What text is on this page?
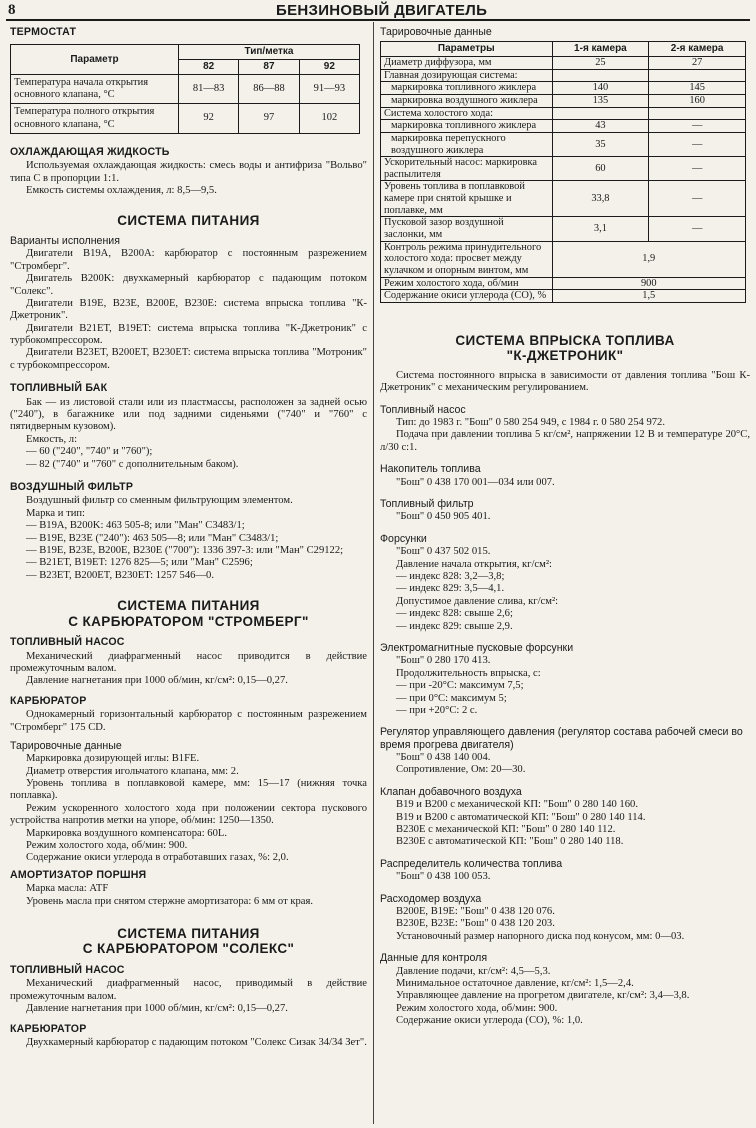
8	БЕНЗИНОВЫЙ ДВИГАТЕЛЬ
ТЕРМОСТАТ
Параметр	Тип/метка		
	82	87	92
Температура начала открытия основного клапана, °С	81—83	86—88	91—93
Температура полного открытия основного клапана, °С	92	97	102
ОХЛАЖДАЮЩАЯ ЖИДКОСТЬ
Используемая охлаждающая жидкость: смесь воды и антифриза "Вольво" типа С в пропорции 1:1.
Емкость системы охлаждения, л: 8,5—9,5.
СИСТЕМА ПИТАНИЯ
Варианты исполнения
Двигатели B19A, B200A: карбюратор с постоянным разрежением "Стромберг".
Двигатель B200K: двухкамерный карбюратор с падающим потоком "Солекс".
Двигатели B19E, B23E, B200E, B230E: система впрыска топлива "К-Джетроник".
Двигатели B21ET, B19ET: система впрыска топлива "К-Джетроник" с турбокомпрессором.
Двигатели B23ET, B200ET, B230ET: система впрыска топлива "Мотроник" с турбокомпрессором.
ТОПЛИВНЫЙ БАК
Бак — из листовой стали или из пластмассы, расположен за задней осью ("240"), в багажнике или под задними сиденьями ("740" и "760" с пятидверным кузовом).
Емкость, л:
— 60 ("240", "740" и "760");
— 82 ("740" и "760" с дополнительным баком).
ВОЗДУШНЫЙ ФИЛЬТР
Воздушный фильтр со сменным фильтрующим элементом.
Марка и тип:
— B19A, B200K: 463 505-8; или "Ман" С3483/1;
— B19E, B23E ("240"): 463 505—8; или "Ман" С3483/1;
— B19E, B23E, B200E, B230E ("700"): 1336 397-3: или "Ман" С29122;
— B21ET, B19ET: 1276 825—5; или "Ман" С2596;
— B23ET, B200ET, B230ET: 1257 546—0.
СИСТЕМА ПИТАНИЯ
С КАРБЮРАТОРОМ "СТРОМБЕРГ"
ТОПЛИВНЫЙ НАСОС
Механический диафрагменный насос приводится в действие промежуточным валом.
Давление нагнетания при 1000 об/мин, кг/см²: 0,15—0,27.
КАРБЮРАТОР
Однокамерный горизонтальный карбюратор с постоянным разрежением "Стромберг" 175 CD.
Тарировочные данные
Маркировка дозирующей иглы: B1FE.
Диаметр отверстия игольчатого клапана, мм: 2.
Уровень топлива в поплавковой камере, мм: 15—17 (нижняя точка поплавка).
Режим ускоренного холостого хода при положении сектора пускового устройства напротив метки на упоре, об/мин: 1250—1350.
Маркировка воздушного компенсатора: 60L.
Режим холостого хода, об/мин: 900.
Содержание окиси углерода в отработавших газах, %: 2,0.
АМОРТИЗАТОР ПОРШНЯ
Марка масла: ATF
Уровень масла при снятом стержне амортизатора: 6 мм от края.
СИСТЕМА ПИТАНИЯ
С КАРБЮРАТОРОМ "СОЛЕКС"
ТОПЛИВНЫЙ НАСОС
Механический диафрагменный насос, приводимый в действие промежуточным валом.
Давление нагнетания при 1000 об/мин, кг/см²: 0,15—0,27.
КАРБЮРАТОР
Двухкамерный карбюратор с падающим потоком "Солекс Сизак 34/34 Зет".
Тарировочные данные
Параметры	1-я камера	2-я камера
Диаметр диффузора, мм	25	27
Главная дозирующая система:		
маркировка топливного жиклера	140	145
маркировка воздушного жиклера	135	160
Система холостого хода:		
маркировка топливного жиклера	43	—
маркировка перепускного воздушного жиклера	35	—
Ускорительный насос: маркировка распылителя	60	—
Уровень топлива в поплавковой камере при снятой крышке и поплавке, мм	33,8	—
Пусковой зазор воздушной заслонки, мм	3,1	—
Контроль режима принудительного холостого хода: просвет между кулачком и опорным винтом, мм	1,9	
Режим холостого хода, об/мин	900	
Содержание окиси углерода (СО), %	1,5	
СИСТЕМА ВПРЫСКА ТОПЛИВА
"К-ДЖЕТРОНИК"
Система постоянного впрыска в зависимости от давления топлива "Бош К-Джетроник" с механическим регулированием.
Топливный насос
Тип: до 1983 г. "Бош" 0 580 254 949, с 1984 г. 0 580 254 972.
Подача при давлении топлива 5 кг/см², напряжении 12 В и температуре 20°С, л/30 с:1.
Накопитель топлива
"Бош" 0 438 170 001—034 или 007.
Топливный фильтр
"Бош" 0 450 905 401.
Форсунки
"Бош" 0 437 502 015.
Давление начала открытия, кг/см²:
— индекс 828: 3,2—3,8;
— индекс 829: 3,5—4,1.
Допустимое давление слива, кг/см²:
— индекс 828: свыше 2,6;
— индекс 829: свыше 2,9.
Электромагнитные пусковые форсунки
"Бош" 0 280 170 413.
Продолжительность впрыска, с:
— при -20°С: максимум 7,5;
— при 0°С: максимум 5;
— при +20°С: 2 с.
Регулятор управляющего давления (регулятор состава рабочей смеси во время прогрева двигателя)
"Бош" 0 438 140 004.
Сопротивление, Ом: 20—30.
Клапан добавочного воздуха
B19 и B200 с механической КП: "Бош" 0 280 140 160.
B19 и B200 с автоматической КП: "Бош" 0 280 140 114.
B230E с механической КП: "Бош" 0 280 140 112.
B230E с автоматической КП: "Бош" 0 280 140 118.
Распределитель количества топлива
"Бош" 0 438 100 053.
Расходомер воздуха
B200E, B19E: "Бош" 0 438 120 076.
B230E, B23E: "Бош" 0 438 120 203.
Установочный размер напорного диска под конусом, мм: 0—03.
Данные для контроля
Давление подачи, кг/см²: 4,5—5,3.
Минимальное остаточное давление, кг/см²: 1,5—2,4.
Управляющее давление на прогретом двигателе, кг/см²: 3,4—3,8.
Режим холостого хода, об/мин: 900.
Содержание окиси углерода (СО), %: 1,0.
